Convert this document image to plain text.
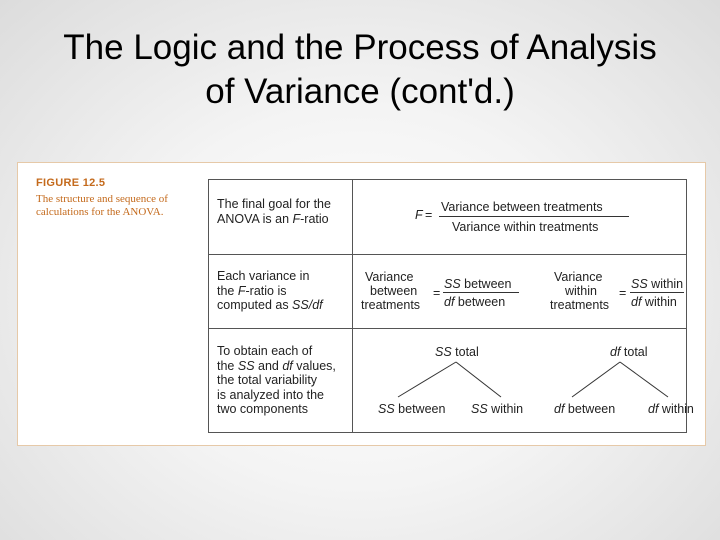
The Logic and the Process of Analysis
of Variance (cont'd.)
FIGURE 12.5
The structure and sequence of calculations for the ANOVA.
The final goal for the
ANOVA is an F-ratio	F =
Variance between treatments
Variance within treatments
Each variance in
the F-ratio is
computed as SS/df
Variance
between
treatments
=
SS between
df between
Variance
within
treatments
=
SS within
df within
To obtain each of
the SS and df values,
the total variability
is analyzed into the
two components
SS total
SS between SS within
df total
df between	df within
